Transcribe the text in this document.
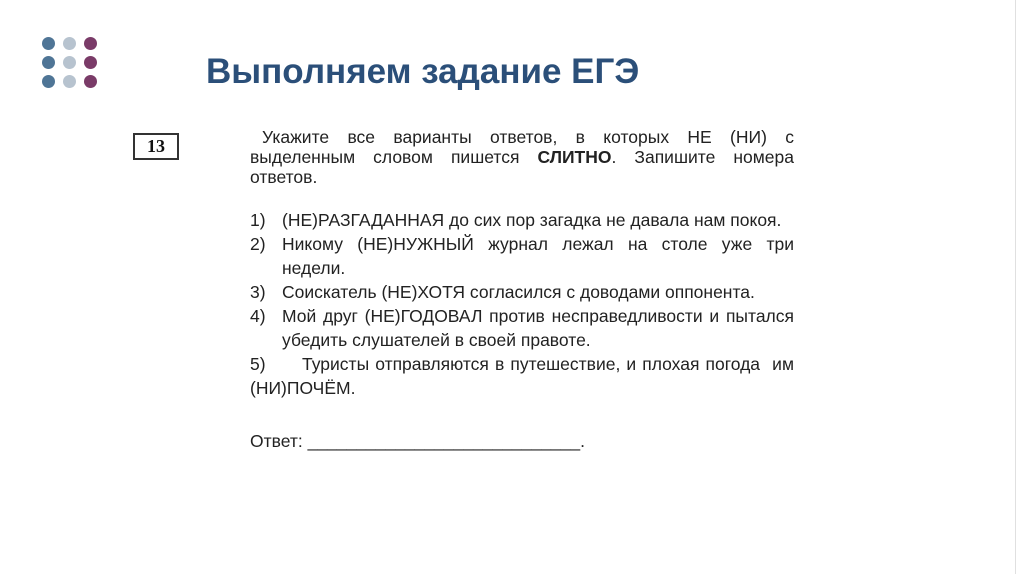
Выполняем задание ЕГЭ
13	Укажите все варианты ответов, в которых НЕ (НИ) с выделенным словом пишется СЛИТНО. Запишите номера ответов.

1) (НЕ)РАЗГАДАННАЯ до сих пор загадка не давала нам покоя.
2) Никому (НЕ)НУЖНЫЙ журнал лежал на столе уже три недели.
3) Соискатель (НЕ)ХОТЯ согласился с доводами оппонента.
4) Мой друг (НЕ)ГОДОВАЛ против несправедливости и пытался убедить слушателей в своей правоте.
5)      Туристы отправляются в путешествие, и плохая погода  им (НИ)ПОЧЁМ.
Ответ: ____________________________.
